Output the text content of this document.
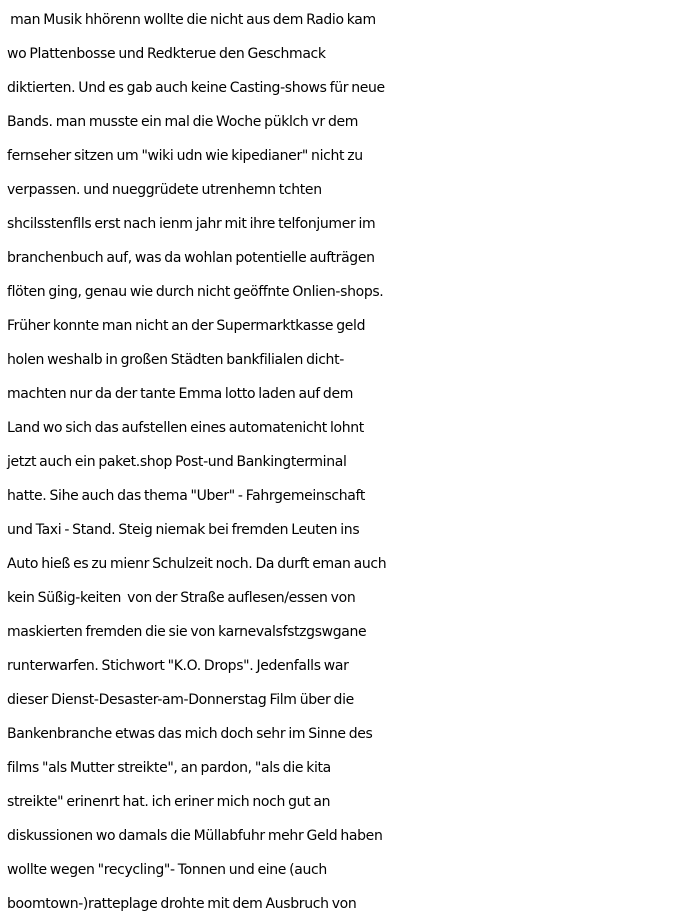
man Musik hhörenn wollte die nicht aus dem Radio kam
wo Plattenbosse und Redkterue den Geschmack
diktierten. Und es gab auch keine Casting-shows für neue
Bands. man musste ein mal die Woche püklch vr dem
fernseher sitzen um "wiki udn wie kipedianer" nicht zu
verpassen. und nueggrüdete utrenhemn tchten
shcilsstenflls erst nach ienm jahr mit ihre telfonjumer im
branchenbuch auf, was da wohlan potentielle aufträgen
flöten ging, genau wie durch nicht geöffnte Onlien-shops.
Früher konnte man nicht an der Supermarktkasse geld
holen weshalb in großen Städten bankfilialen dicht-
machten nur da der tante Emma lotto laden auf dem
Land wo sich das aufstellen eines automatenicht lohnt
jetzt auch ein paket.shop Post-und Bankingterminal
hatte. Sihe auch das thema "Uber" - Fahrgemeinschaft
und Taxi - Stand. Steig niemak bei fremden Leuten ins
Auto hieß es zu mienr Schulzeit noch. Da durft eman auch
kein Süßig-keiten  von der Straße auflesen/essen von
maskierten fremden die sie von karnevalsfstzgswgane
runterwarfen. Stichwort "K.O. Drops". Jedenfalls war
dieser Dienst-Desaster-am-Donnerstag Film über die
Bankenbranche etwas das mich doch sehr im Sinne des
films "als Mutter streikte", an pardon, "als die kita
streikte" erinenrt hat. ich eriner mich noch gut an
diskussionen wo damals die Müllabfuhr mehr Geld haben
wollte wegen "recycling"- Tonnen und eine (auch
boomtown-)ratteplage drohte mit dem Ausbruch von
